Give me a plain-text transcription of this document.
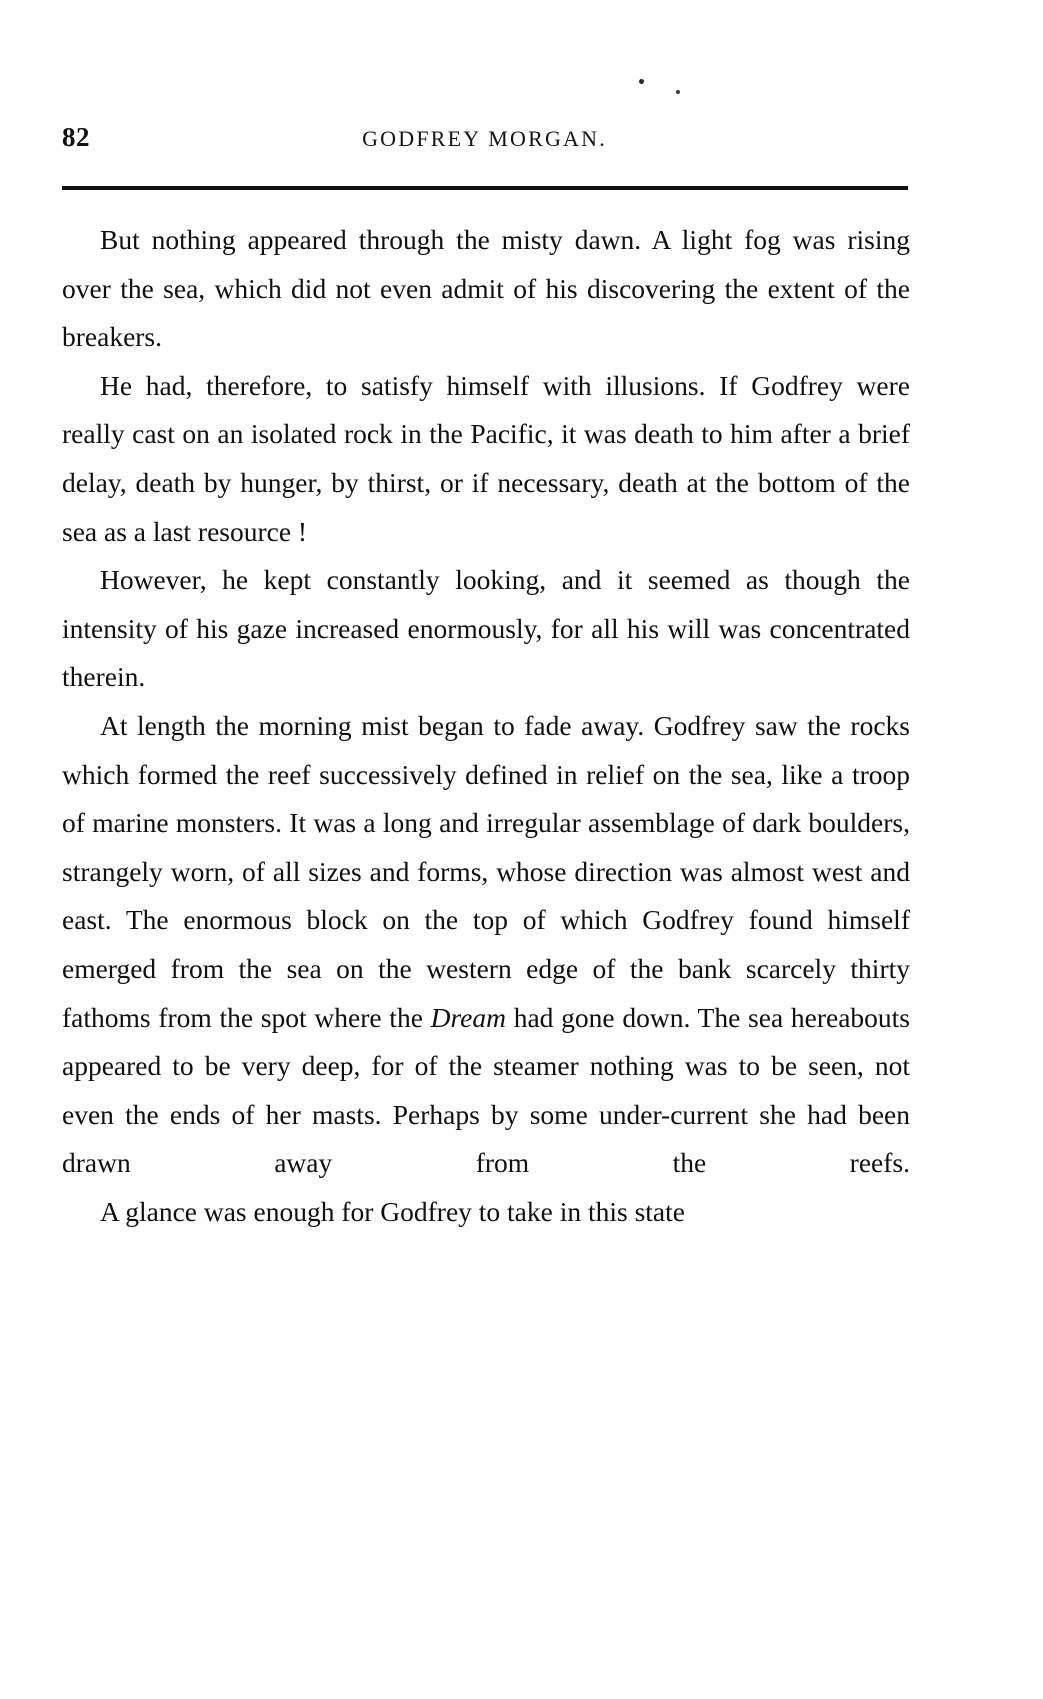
82	GODFREY MORGAN.

But nothing appeared through the misty dawn. A light fog was rising over the sea, which did not even admit of his discovering the extent of the breakers.

He had, therefore, to satisfy himself with illusions. If Godfrey were really cast on an isolated rock in the Pacific, it was death to him after a brief delay, death by hunger, by thirst, or if necessary, death at the bottom of the sea as a last resource !

However, he kept constantly looking, and it seemed as though the intensity of his gaze increased enormously, for all his will was concentrated therein.

At length the morning mist began to fade away. Godfrey saw the rocks which formed the reef successively defined in relief on the sea, like a troop of marine monsters. It was a long and irregular assemblage of dark boulders, strangely worn, of all sizes and forms, whose direction was almost west and east. The enormous block on the top of which Godfrey found himself emerged from the sea on the western edge of the bank scarcely thirty fathoms from the spot where the Dream had gone down. The sea hereabouts appeared to be very deep, for of the steamer nothing was to be seen, not even the ends of her masts. Perhaps by some under-current she had been drawn away from the reefs.

A glance was enough for Godfrey to take in this state
